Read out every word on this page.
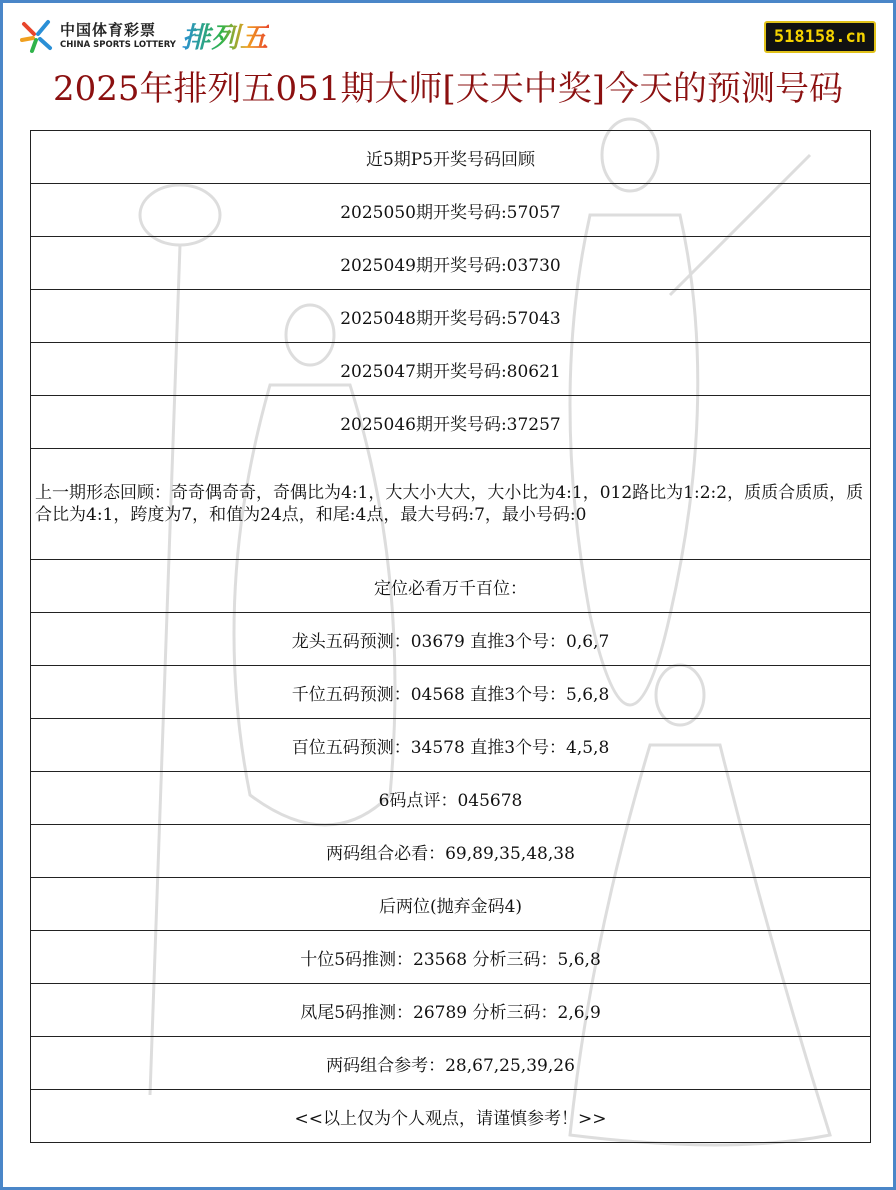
中国体育彩票
CHINA SPORTS LOTTERY 排列五	518158.cn
2025年排列五051期大师[天天中奖]今天的预测号码
近5期P5开奖号码回顾
2025050期开奖号码:57057
2025049期开奖号码:03730
2025048期开奖号码:57043
2025047期开奖号码:80621
2025046期开奖号码:37257
上一期形态回顾：奇奇偶奇奇，奇偶比为4:1，大大小大大，大小比为4:1，012路比为1:2:2，质质合质质，质合比为4:1，跨度为7，和值为24点，和尾:4点，最大号码:7，最小号码:0
定位必看万千百位：
龙头五码预测：03679 直推3个号：0,6,7
千位五码预测：04568 直推3个号：5,6,8
百位五码预测：34578 直推3个号：4,5,8
6码点评：045678
两码组合必看：69,89,35,48,38
后两位(抛弃金码4)
十位5码推测：23568 分析三码：5,6,8
凤尾5码推测：26789 分析三码：2,6,9
两码组合参考：28,67,25,39,26
<<以上仅为个人观点，请谨慎参考！>>
